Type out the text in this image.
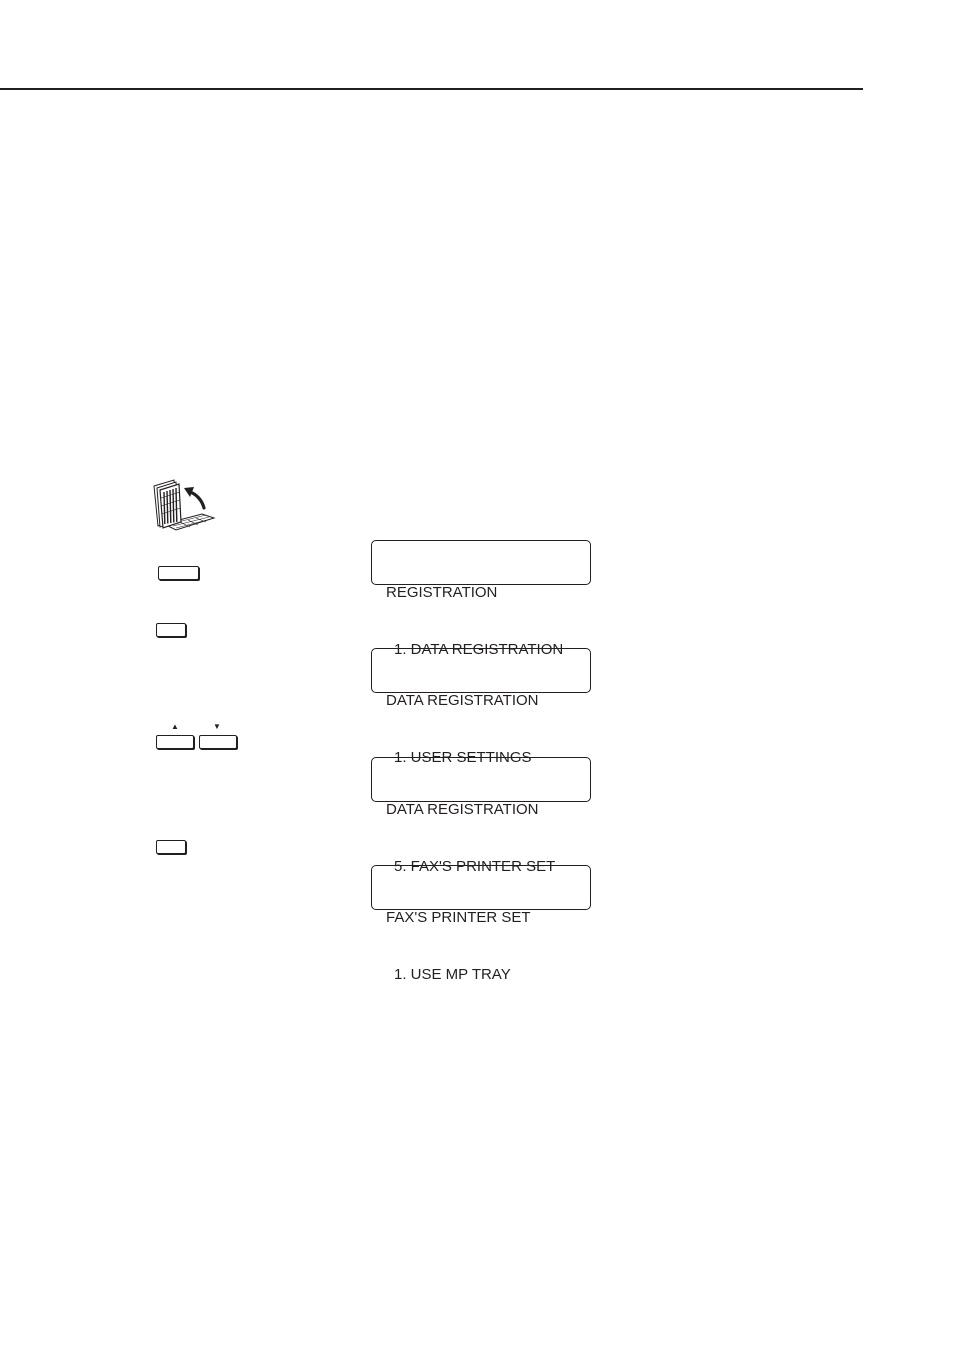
REGISTRATION

1. DATA REGISTRATION

DATA REGISTRATION

1. USER SETTINGS

▲	▼

DATA REGISTRATION

5. FAX'S PRINTER SET

FAX'S PRINTER SET

1. USE MP TRAY
